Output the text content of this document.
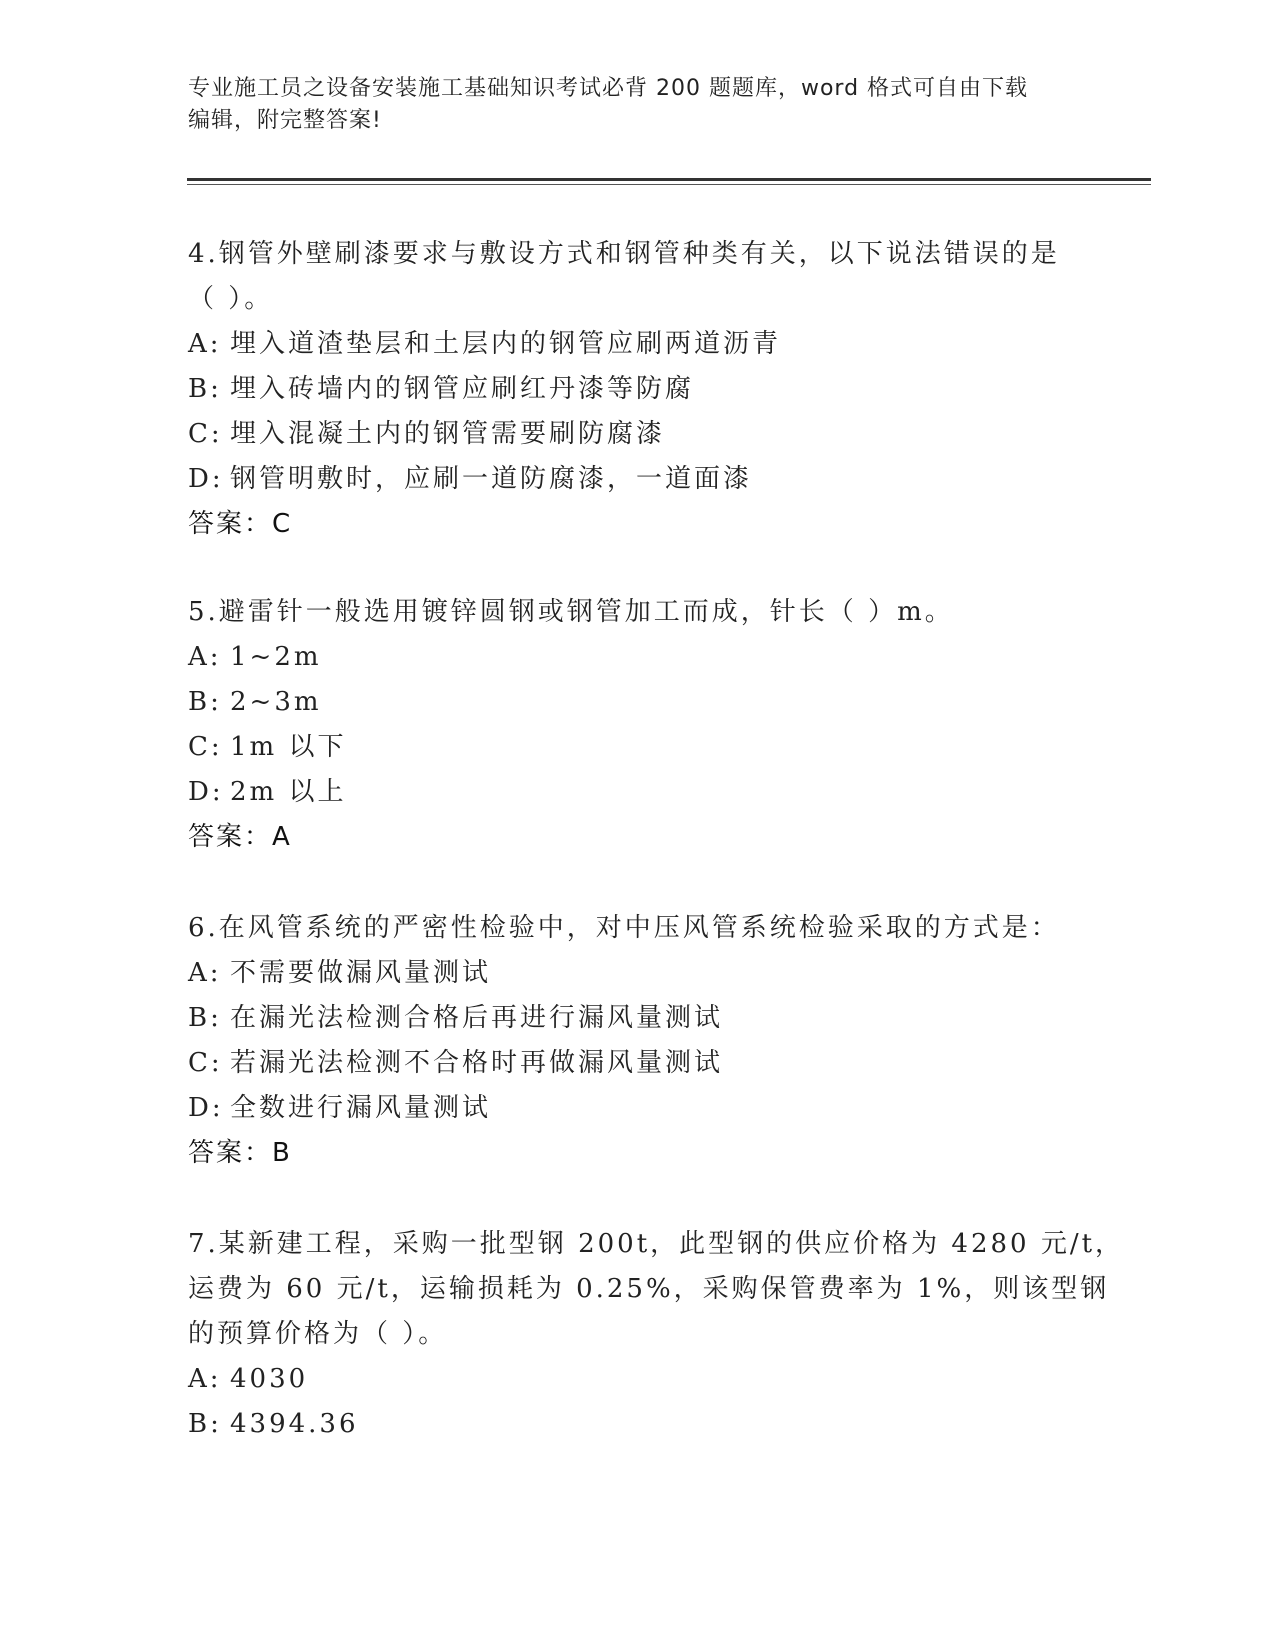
专业施工员之设备安装施工基础知识考试必背 200 题题库，word 格式可自由下载
编辑，附完整答案!
4.钢管外壁刷漆要求与敷设方式和钢管种类有关，以下说法错误的是
（ ）。
A: 埋入道渣垫层和土层内的钢管应刷两道沥青
B: 埋入砖墙内的钢管应刷红丹漆等防腐
C: 埋入混凝土内的钢管需要刷防腐漆
D: 钢管明敷时，应刷一道防腐漆，一道面漆
答案：C
5.避雷针一般选用镀锌圆钢或钢管加工而成，针长（ ）m。
A: 1~2m
B: 2~3m
C: 1m 以下
D: 2m 以上
答案：A
6.在风管系统的严密性检验中，对中压风管系统检验采取的方式是：
A: 不需要做漏风量测试
B: 在漏光法检测合格后再进行漏风量测试
C: 若漏光法检测不合格时再做漏风量测试
D: 全数进行漏风量测试
答案：B
7.某新建工程，采购一批型钢 200t，此型钢的供应价格为 4280 元/t，
运费为 60 元/t，运输损耗为 0.25%，采购保管费率为 1%，则该型钢
的预算价格为（ ）。
A: 4030
B: 4394.36
